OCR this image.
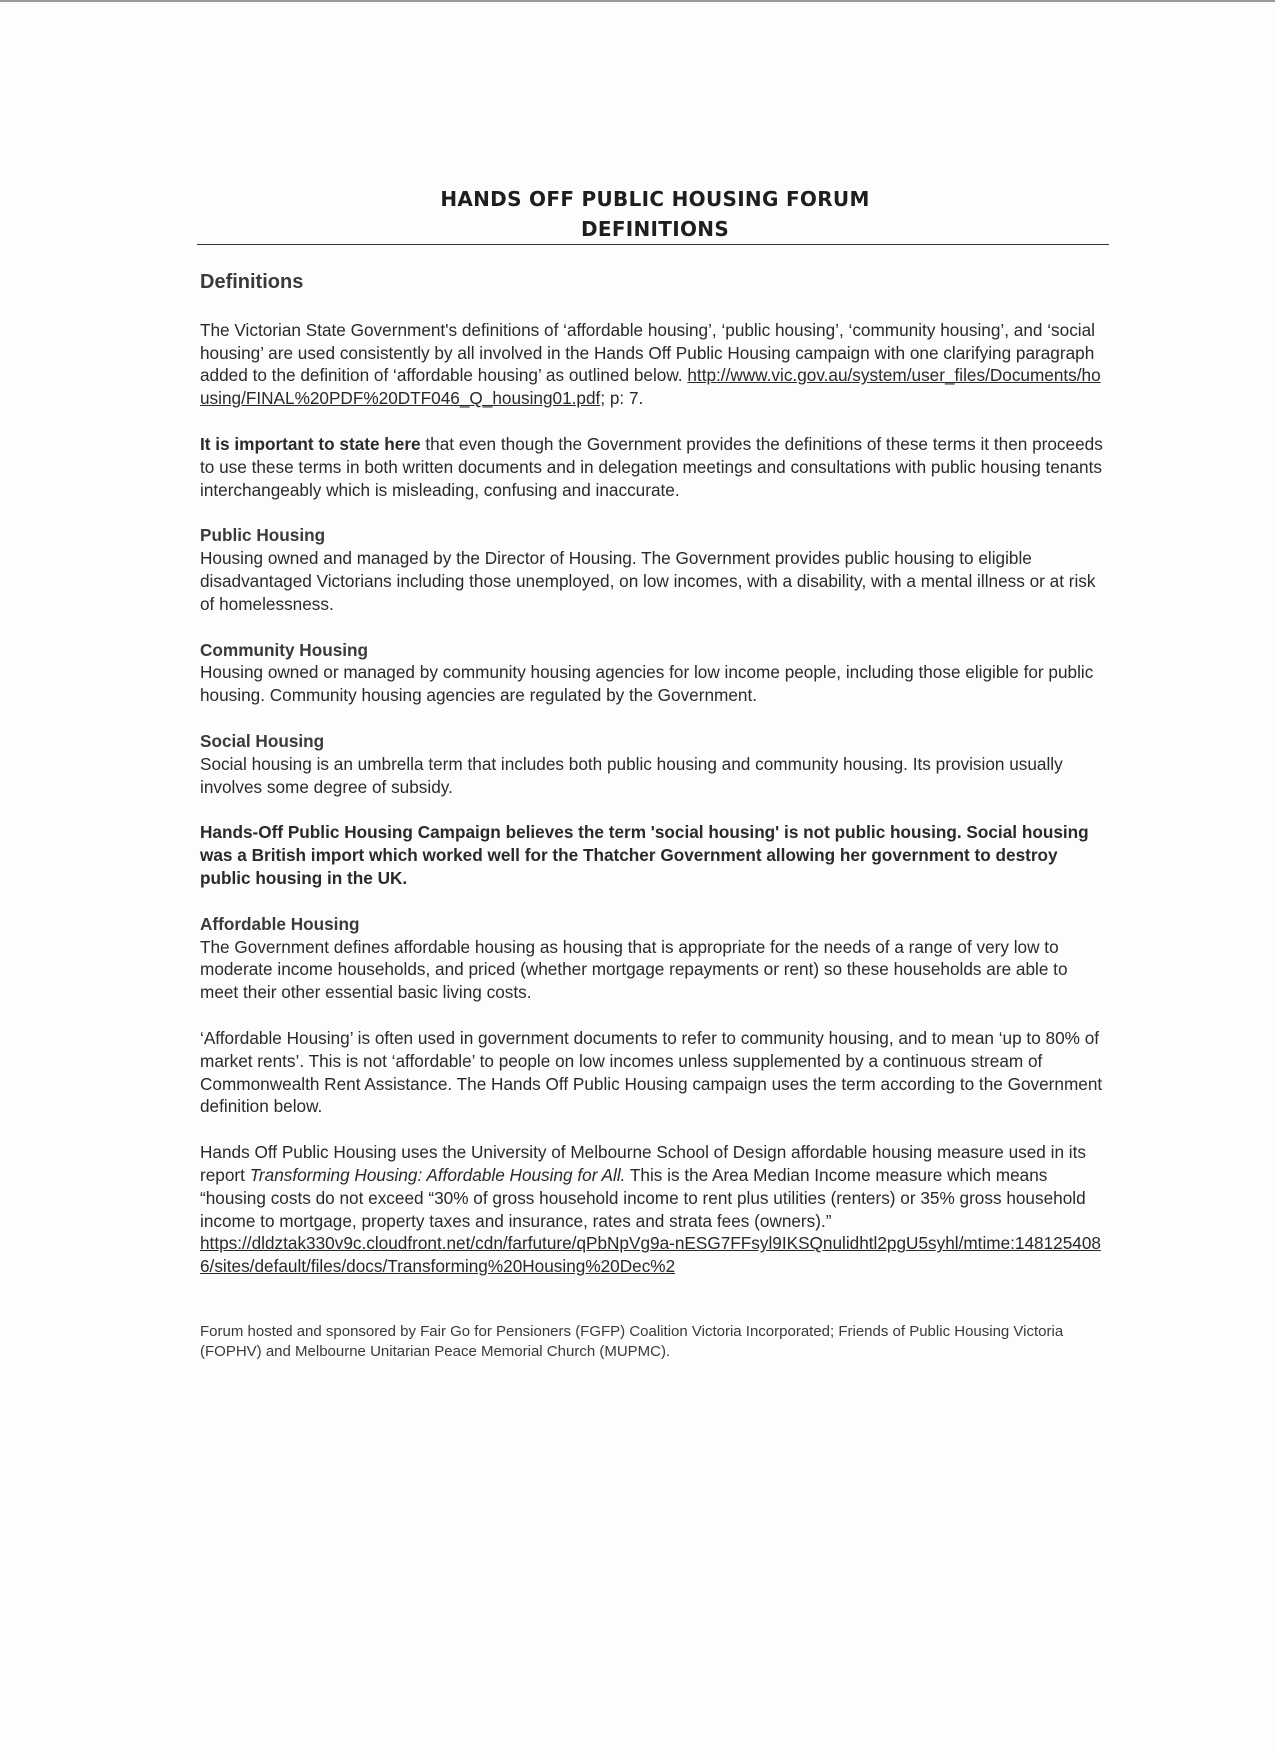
HANDS OFF PUBLIC HOUSING FORUM
DEFINITIONS
Definitions

The Victorian State Government's definitions of ‘affordable housing’, ‘public housing’, ‘community housing’, and ‘social housing’ are used consistently by all involved in the Hands Off Public Housing campaign with one clarifying paragraph added to the definition of ‘affordable housing’ as outlined below. http://www.vic.gov.au/system/user_files/Documents/housing/FINAL%20PDF%20DTF046_Q_housing01.pdf; p: 7.

It is important to state here that even though the Government provides the definitions of these terms it then proceeds to use these terms in both written documents and in delegation meetings and consultations with public housing tenants interchangeably which is misleading, confusing and inaccurate.

Public Housing
Housing owned and managed by the Director of Housing. The Government provides public housing to eligible disadvantaged Victorians including those unemployed, on low incomes, with a disability, with a mental illness or at risk of homelessness.

Community Housing
Housing owned or managed by community housing agencies for low income people, including those eligible for public housing. Community housing agencies are regulated by the Government.

Social Housing
Social housing is an umbrella term that includes both public housing and community housing. Its provision usually involves some degree of subsidy.

Hands-Off Public Housing Campaign believes the term 'social housing' is not public housing. Social housing was a British import which worked well for the Thatcher Government allowing her government to destroy public housing in the UK.

Affordable Housing
The Government defines affordable housing as housing that is appropriate for the needs of a range of very low to moderate income households, and priced (whether mortgage repayments or rent) so these households are able to meet their other essential basic living costs.

‘Affordable Housing’ is often used in government documents to refer to community housing, and to mean ‘up to 80% of market rents’. This is not ‘affordable’ to people on low incomes unless supplemented by a continuous stream of Commonwealth Rent Assistance. The Hands Off Public Housing campaign uses the term according to the Government definition below.

Hands Off Public Housing uses the University of Melbourne School of Design affordable housing measure used in its report Transforming Housing: Affordable Housing for All. This is the Area Median Income measure which means “housing costs do not exceed “30% of gross household income to rent plus utilities (renters) or 35% gross household income to mortgage, property taxes and insurance, rates and strata fees (owners).”
https://dldztak330v9c.cloudfront.net/cdn/farfuture/qPbNpVg9a-nESG7FFsyl9IKSQnulidhtl2pgU5syhl/mtime:1481254086/sites/default/files/docs/Transforming%20Housing%20Dec%2

Forum hosted and sponsored by Fair Go for Pensioners (FGFP) Coalition Victoria Incorporated; Friends of Public Housing Victoria (FOPHV) and Melbourne Unitarian Peace Memorial Church (MUPMC).
